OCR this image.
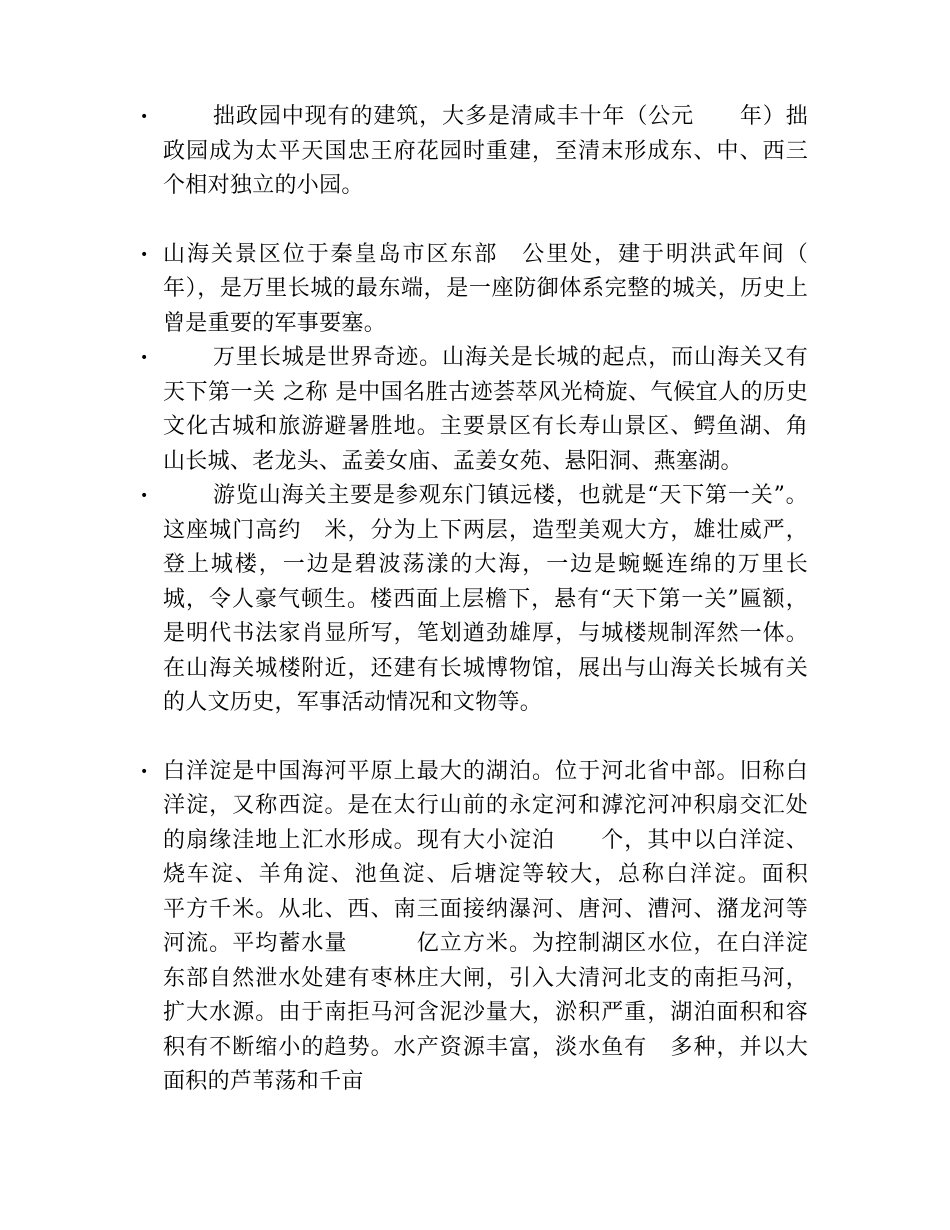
•	拙政园中现有的建筑，大多是清咸丰十年（公元　　年）拙政园成为太平天国忠王府花园时重建，至清末形成东、中、西三个相对独立的小园。
• 山海关景区位于秦皇岛市区东部　公里处，建于明洪武年间（　　年），是万里长城的最东端，是一座防御体系完整的城关，历史上曾是重要的军事要塞。
•	万里长城是世界奇迹。山海关是长城的起点，而山海关又有 天下第一关 之称 是中国名胜古迹荟萃风光椅旋、气候宜人的历史文化古城和旅游避暑胜地。主要景区有长寿山景区、鳄鱼湖、角山长城、老龙头、孟姜女庙、孟姜女苑、悬阳洞、燕塞湖。
•	游览山海关主要是参观东门镇远楼，也就是“天下第一关”。这座城门高约　米，分为上下两层，造型美观大方，雄壮威严，登上城楼，一边是碧波荡漾的大海，一边是蜿蜒连绵的万里长城，令人豪气顿生。楼西面上层檐下，悬有“天下第一关”匾额，是明代书法家肖显所写，笔划遒劲雄厚，与城楼规制浑然一体。在山海关城楼附近，还建有长城博物馆，展出与山海关长城有关的人文历史，军事活动情况和文物等。
• 白洋淀是中国海河平原上最大的湖泊。位于河北省中部。旧称白洋淀，又称西淀。是在太行山前的永定河和滹沱河冲积扇交汇处的扇缘洼地上汇水形成。现有大小淀泊　　个，其中以白洋淀、烧车淀、羊角淀、池鱼淀、后塘淀等较大，总称白洋淀。面积　　　平方千米。从北、西、南三面接纳瀑河、唐河、漕河、潴龙河等河流。平均蓄水量　　　亿立方米。为控制湖区水位，在白洋淀东部自然泄水处建有枣林庄大闸，引入大清河北支的南拒马河，扩大水源。由于南拒马河含泥沙量大，淤积严重，湖泊面积和容积有不断缩小的趋势。水产资源丰富，淡水鱼有　多种，并以大面积的芦苇荡和千亩
